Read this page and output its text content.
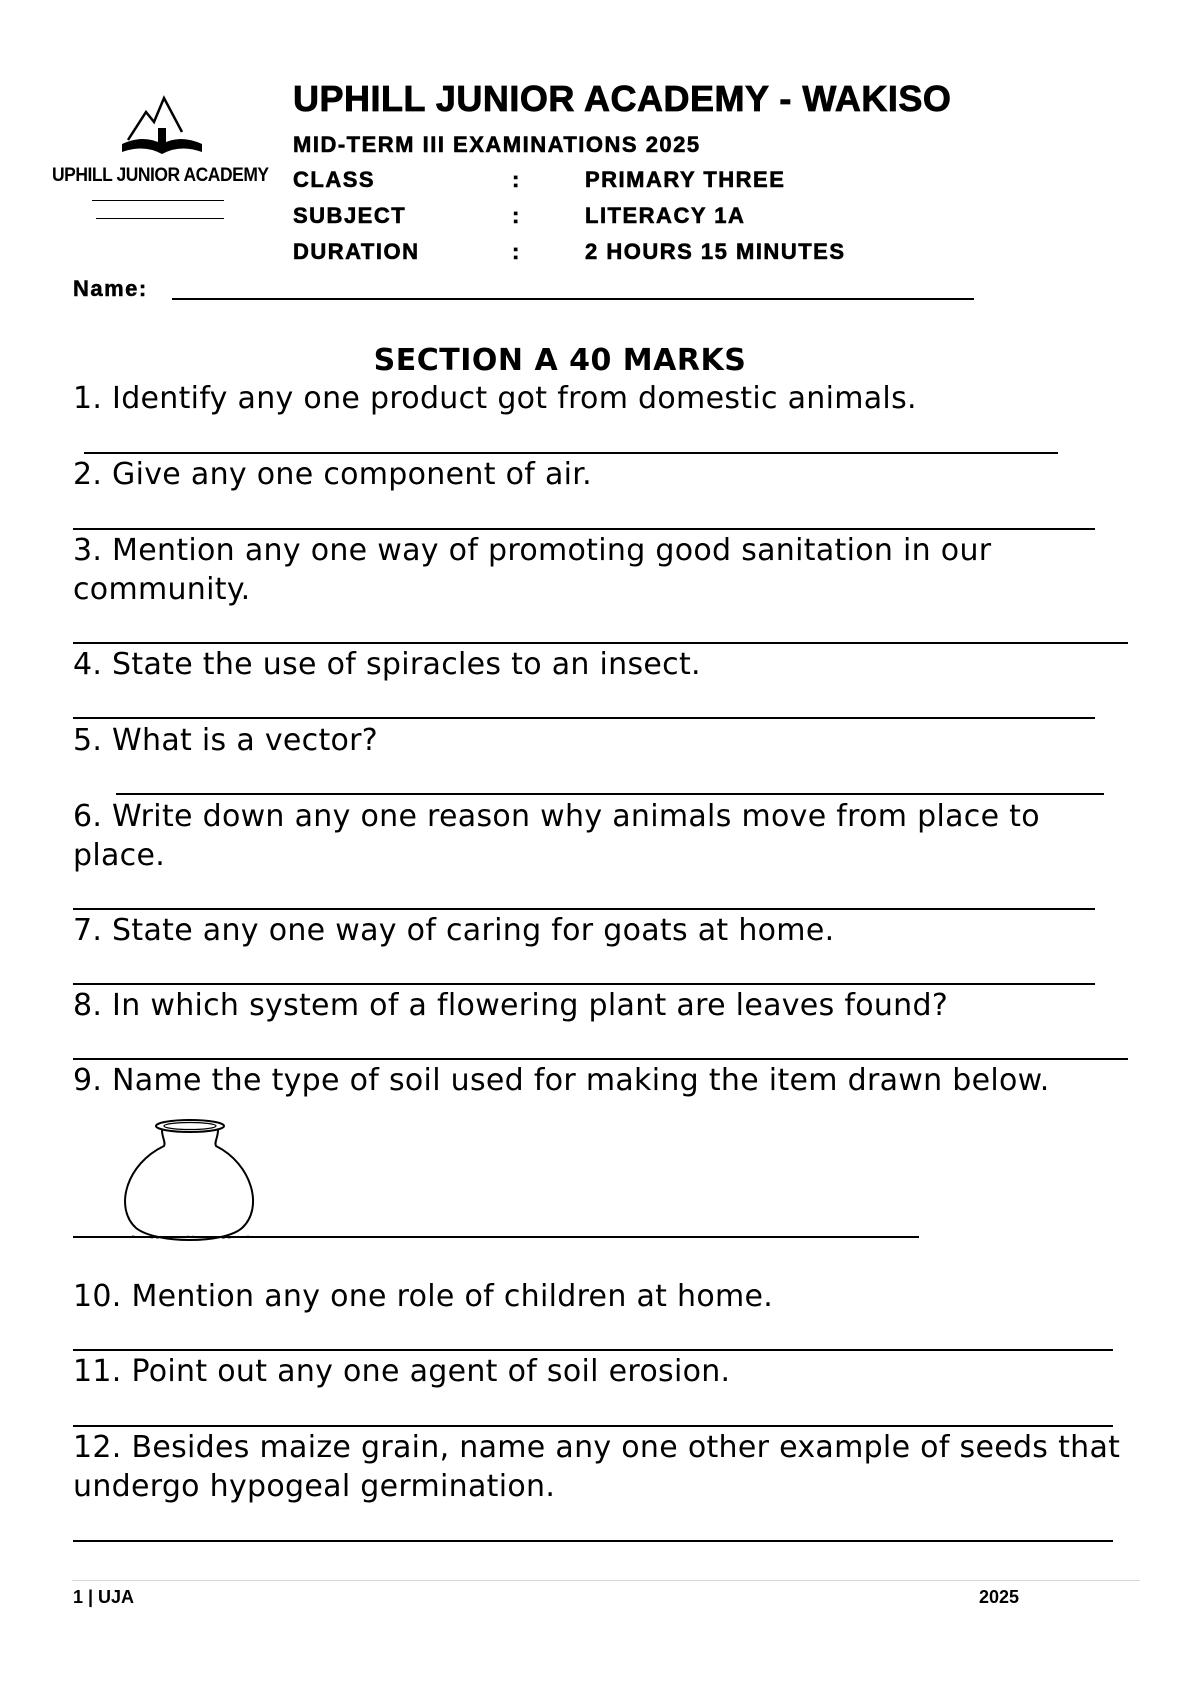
UPHILL JUNIOR ACADEMY
UPHILL JUNIOR ACADEMY - WAKISO
MID-TERM III EXAMINATIONS 2025
CLASS	:	PRIMARY THREE
SUBJECT	:	LITERACY 1A
DURATION	:	2 HOURS 15 MINUTES
Name:
SECTION A 40 MARKS
1. Identify any one product got from domestic animals.
2. Give any one component of air.
3. Mention any one way of promoting good sanitation in our community.
4. State the use of spiracles to an insect.
5. What is a vector?
6. Write down any one reason why animals move from place to place.
7. State any one way of caring for goats at home.
8. In which system of a flowering plant are leaves found?
9. Name the type of soil used for making the item drawn below.
10. Mention any one role of children at home.
11. Point out any one agent of soil erosion.
12. Besides maize grain, name any one other example of seeds that undergo hypogeal germination.
1 | UJA	2025
